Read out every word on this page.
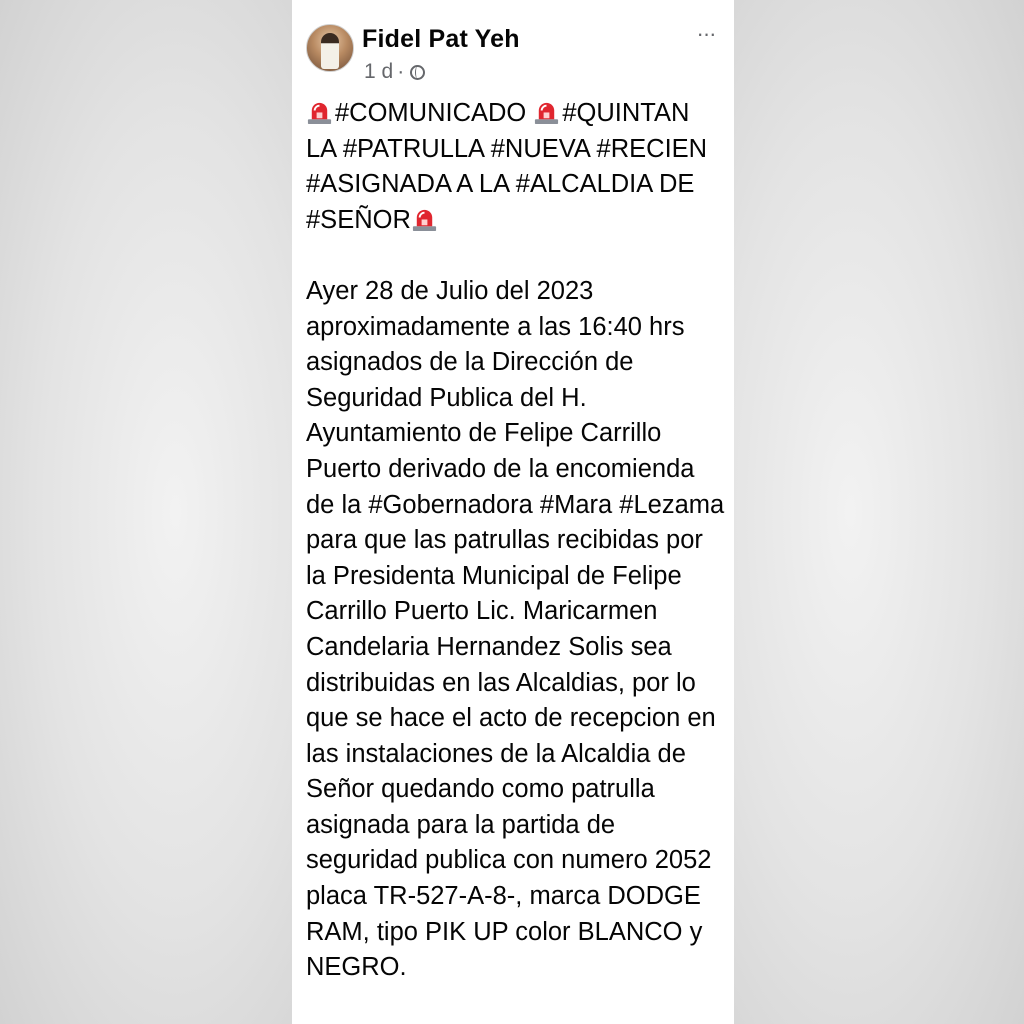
Fidel Pat Yeh
1 d ·
···

#COMUNICADO #QUINTAN LA #PATRULLA #NUEVA #RECIEN #ASIGNADA A LA #ALCALDIA DE #SEÑOR

Ayer 28 de Julio del 2023 aproximadamente a las 16:40 hrs asignados de la Dirección de Seguridad Publica del H. Ayuntamiento de Felipe Carrillo Puerto derivado de la encomienda de la #Gobernadora #Mara #Lezama para que las patrullas recibidas por la Presidenta Municipal de Felipe Carrillo Puerto Lic. Maricarmen Candelaria Hernandez Solis sea distribuidas en las Alcaldias, por lo que se hace el acto de recepcion en las instalaciones de la Alcaldia de Señor quedando como patrulla asignada para la partida de seguridad publica con numero 2052 placa TR-527-A-8-, marca DODGE RAM, tipo PIK UP color BLANCO y NEGRO.
